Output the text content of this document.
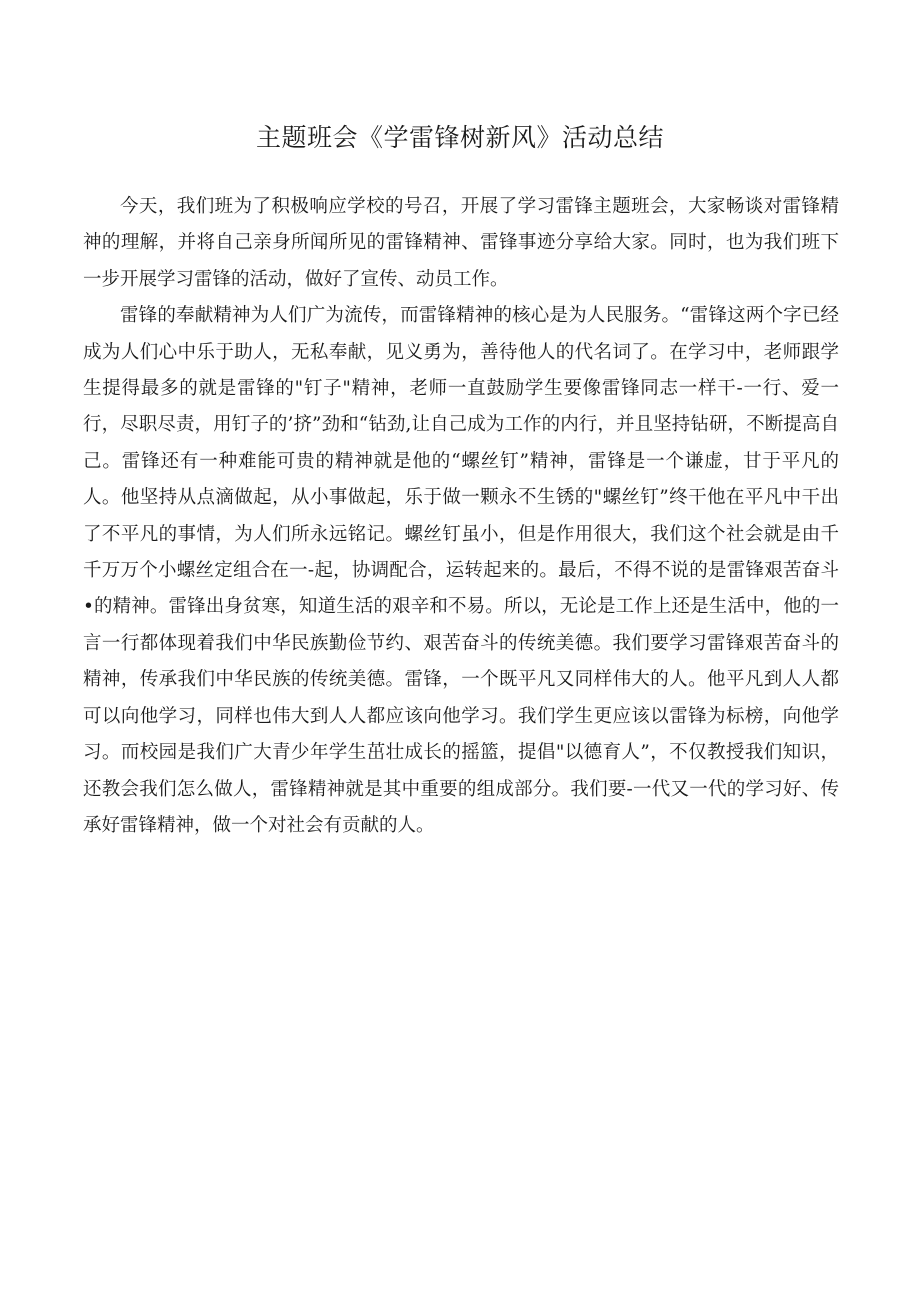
主题班会《学雷锋树新风》活动总结

今天，我们班为了积极响应学校的号召，开展了学习雷锋主题班会，大家畅谈对雷锋精神的理解，并将自己亲身所闻所见的雷锋精神、雷锋事迹分享给大家。同时，也为我们班下一步开展学习雷锋的活动，做好了宣传、动员工作。

雷锋的奉献精神为人们广为流传，而雷锋精神的核心是为人民服务。“雷锋这两个字已经成为人们心中乐于助人，无私奉献，见义勇为，善待他人的代名词了。在学习中，老师跟学生提得最多的就是雷锋的"钉子"精神，老师一直鼓励学生要像雷锋同志一样干-一行、爱一行，尽职尽责，用钉子的’挤”劲和“钻劲,让自己成为工作的内行，并且坚持钻研，不断提高自己。雷锋还有一种难能可贵的精神就是他的“螺丝钉”精神，雷锋是一个谦虚，甘于平凡的人。他坚持从点滴做起，从小事做起，乐于做一颗永不生锈的"螺丝钉”终干他在平凡中干出了不平凡的事情，为人们所永远铭记。螺丝钉虽小，但是作用很大，我们这个社会就是由千千万万个小螺丝定组合在一-起，协调配合，运转起来的。最后，不得不说的是雷锋艰苦奋斗•的精神。雷锋出身贫寒，知道生活的艰辛和不易。所以，无论是工作上还是生活中，他的一言一行都体现着我们中华民族勤俭节约、艰苦奋斗的传统美德。我们要学习雷锋艰苦奋斗的精神，传承我们中华民族的传统美德。雷锋，一个既平凡又同样伟大的人。他平凡到人人都可以向他学习，同样也伟大到人人都应该向他学习。我们学生更应该以雷锋为标榜，向他学习。而校园是我们广大青少年学生茁壮成长的摇篮，提倡"以德育人”，不仅教授我们知识，还教会我们怎么做人，雷锋精神就是其中重要的组成部分。我们要-一代又一代的学习好、传承好雷锋精神，做一个对社会有贡献的人。
